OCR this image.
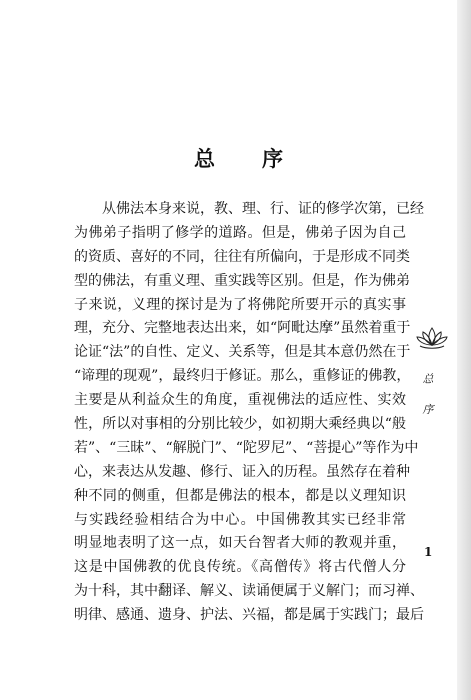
总 序
从佛法本身来说，教、理、行、证的修学次第，已经
为佛弟子指明了修学的道路。但是，佛弟子因为自己
的资质、喜好的不同，往往有所偏向，于是形成不同类
型的佛法，有重义理、重实践等区别。但是，作为佛弟
子来说，义理的探讨是为了将佛陀所要开示的真实事
理，充分、完整地表达出来，如“阿毗达摩”虽然着重于
论证“法”的自性、定义、关系等，但是其本意仍然在于
“谛理的现观”，最终归于修证。那么，重修证的佛教，
主要是从利益众生的角度，重视佛法的适应性、实效
性，所以对事相的分别比较少，如初期大乘经典以“般
若”、“三昧”、“解脱门”、“陀罗尼”、“菩提心”等作为中
心，来表达从发趣、修行、证入的历程。虽然存在着种
种不同的侧重，但都是佛法的根本，都是以义理知识
与实践经验相结合为中心。中国佛教其实已经非常
明显地表明了这一点，如天台智者大师的教观并重，
这是中国佛教的优良传统。《高僧传》将古代僧人分
为十科，其中翻译、解义、读诵便属于义解门；而习禅、
明律、感通、遗身、护法、兴福，都是属于实践门；最后
总 序
1
